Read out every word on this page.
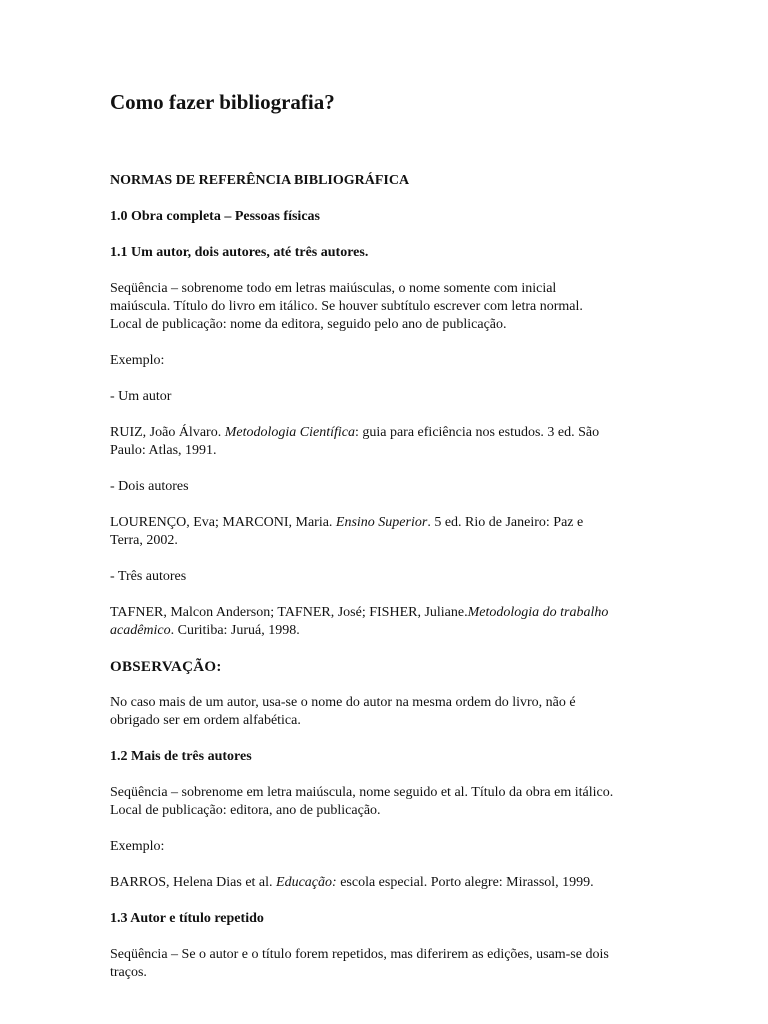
Como fazer bibliografia?

NORMAS DE REFERÊNCIA BIBLIOGRÁFICA

1.0 Obra completa – Pessoas físicas

1.1 Um autor, dois autores, até três autores.

Seqüência – sobrenome todo em letras maiúsculas, o nome somente com inicial
maiúscula. Título do livro em itálico. Se houver subtítulo escrever com letra normal.
Local de publicação: nome da editora, seguido pelo ano de publicação.

Exemplo:

- Um autor

RUIZ, João Álvaro. Metodologia Científica: guia para eficiência nos estudos. 3 ed. São
Paulo: Atlas, 1991.

- Dois autores

LOURENÇO, Eva; MARCONI, Maria. Ensino Superior. 5 ed. Rio de Janeiro: Paz e
Terra, 2002.

- Três autores

TAFNER, Malcon Anderson; TAFNER, José; FISHER, Juliane.Metodologia do trabalho
acadêmico. Curitiba: Juruá, 1998.

OBSERVAÇÃO:

No caso mais de um autor, usa-se o nome do autor na mesma ordem do livro, não é
obrigado ser em ordem alfabética.

1.2 Mais de três autores

Seqüência – sobrenome em letra maiúscula, nome seguido et al. Título da obra em itálico.
Local de publicação: editora, ano de publicação.

Exemplo:

BARROS, Helena Dias et al. Educação: escola especial. Porto alegre: Mirassol, 1999.

1.3 Autor e título repetido

Seqüência – Se o autor e o título forem repetidos, mas diferirem as edições, usam-se dois
traços.
